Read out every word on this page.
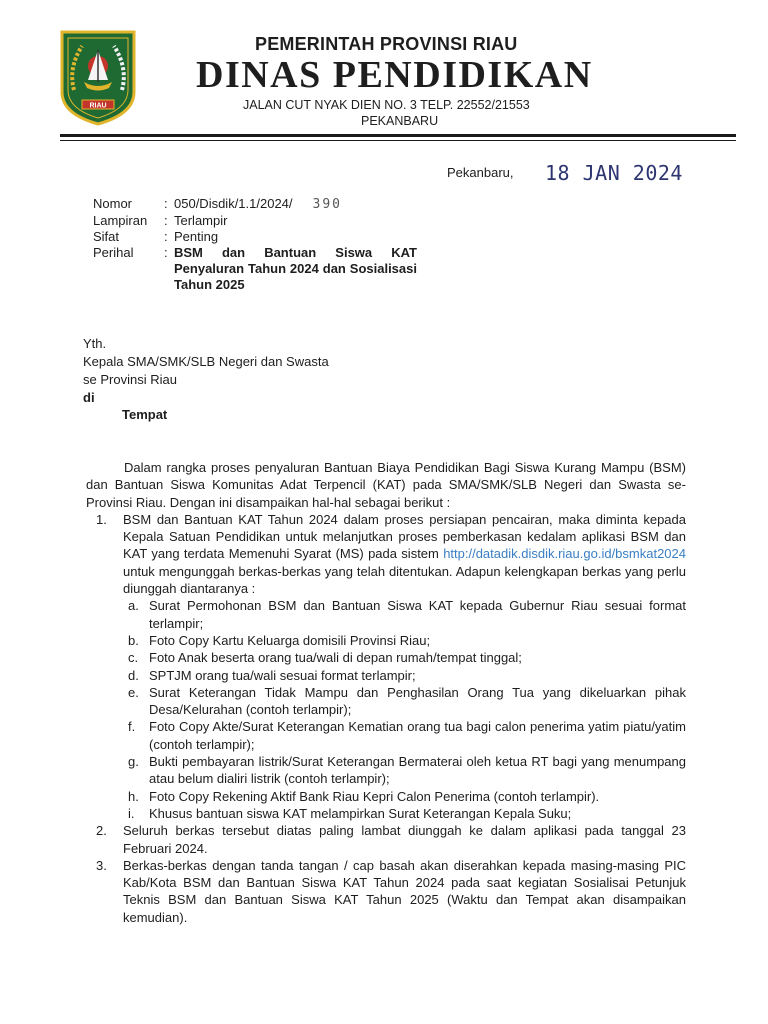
RIAU
PEMERINTAH PROVINSI RIAU
DINAS PENDIDIKAN
JALAN CUT NYAK DIEN NO. 3 TELP. 22552/21553
PEKANBARU
Pekanbaru, 18 JAN 2024
Nomor	:	050/Disdik/1.1/2024/ 390
Lampiran	:	Terlampir
Sifat	:	Penting
Perihal	:	BSM dan Bantuan Siswa KAT Penyaluran Tahun 2024 dan Sosialisasi Tahun 2025
Yth.
Kepala SMA/SMK/SLB Negeri dan Swasta
se Provinsi Riau
di
Tempat

Dalam rangka proses penyaluran Bantuan Biaya Pendidikan Bagi Siswa Kurang Mampu (BSM) dan Bantuan Siswa Komunitas Adat Terpencil (KAT) pada SMA/SMK/SLB Negeri dan Swasta se-Provinsi Riau. Dengan ini disampaikan hal-hal sebagai berikut :

1. BSM dan Bantuan KAT Tahun 2024 dalam proses persiapan pencairan, maka diminta kepada Kepala Satuan Pendidikan untuk melanjutkan proses pemberkasan kedalam aplikasi BSM dan KAT yang terdata Memenuhi Syarat (MS) pada sistem http://datadik.disdik.riau.go.id/bsmkat2024 untuk mengunggah berkas-berkas yang telah ditentukan. Adapun kelengkapan berkas yang perlu diunggah diantaranya :
a. Surat Permohonan BSM dan Bantuan Siswa KAT kepada Gubernur Riau sesuai format terlampir;
b. Foto Copy Kartu Keluarga domisili Provinsi Riau;
c. Foto Anak beserta orang tua/wali di depan rumah/tempat tinggal;
d. SPTJM orang tua/wali sesuai format terlampir;
e. Surat Keterangan Tidak Mampu dan Penghasilan Orang Tua yang dikeluarkan pihak Desa/Kelurahan (contoh terlampir);
f. Foto Copy Akte/Surat Keterangan Kematian orang tua bagi calon penerima yatim piatu/yatim (contoh terlampir);
g. Bukti pembayaran listrik/Surat Keterangan Bermaterai oleh ketua RT bagi yang menumpang atau belum dialiri listrik (contoh terlampir);
h. Foto Copy Rekening Aktif Bank Riau Kepri Calon Penerima (contoh terlampir).
i. Khusus bantuan siswa KAT melampirkan Surat Keterangan Kepala Suku;
2. Seluruh berkas tersebut diatas paling lambat diunggah ke dalam aplikasi pada tanggal 23 Februari 2024.
3. Berkas-berkas dengan tanda tangan / cap basah akan diserahkan kepada masing-masing PIC Kab/Kota BSM dan Bantuan Siswa KAT Tahun 2024 pada saat kegiatan Sosialisai Petunjuk Teknis BSM dan Bantuan Siswa KAT Tahun 2025 (Waktu dan Tempat akan disampaikan kemudian).
